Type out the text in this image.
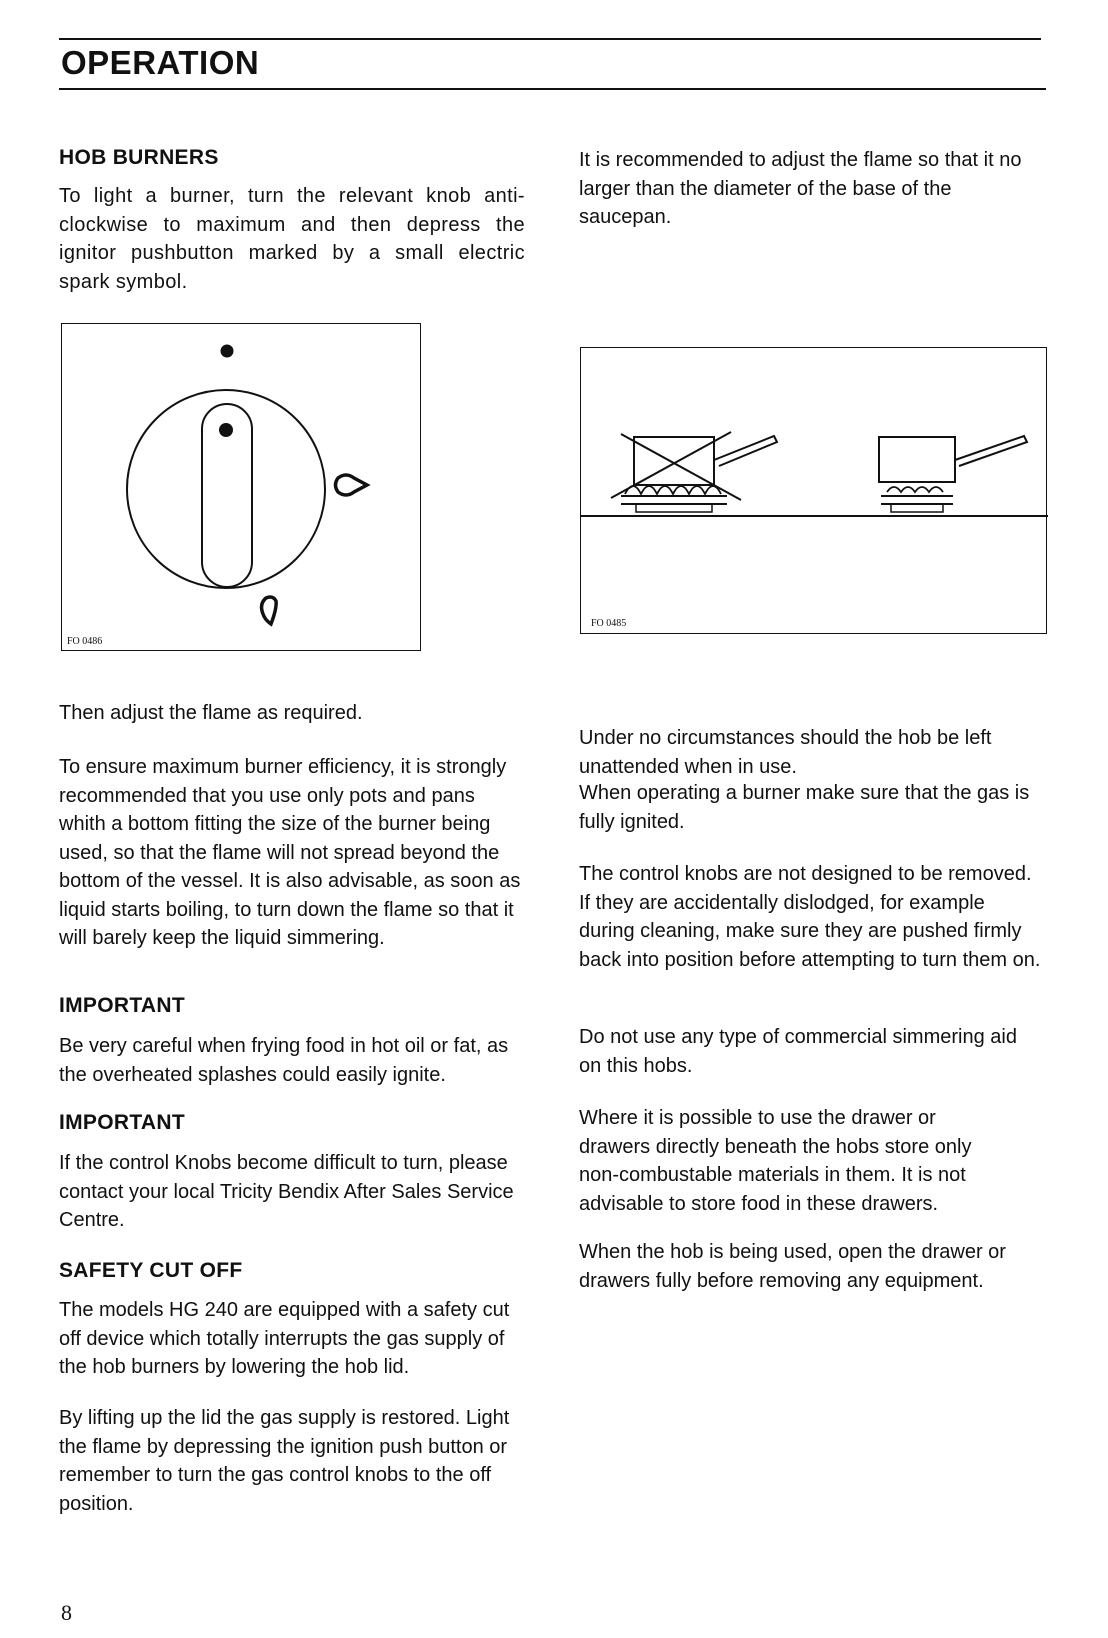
OPERATION
HOB BURNERS

To light a burner, turn the relevant knob anti-clockwise to maximum and then depress the ignitor pushbutton marked by a small electric spark symbol.

FO 0486

Then adjust the flame as required.

To ensure maximum burner efficiency, it is strongly recommended that you use only pots and pans whith a bottom fitting the size of the burner being used, so that the flame will not spread beyond the bottom of the vessel. It is also advisable, as soon as liquid starts boiling, to turn down the flame so that it will barely keep the liquid simmering.

IMPORTANT

Be very careful when frying food in hot oil or fat, as the overheated splashes could easily ignite.

IMPORTANT

If the control Knobs become difficult to turn, please contact your local Tricity Bendix After Sales Service Centre.

SAFETY CUT OFF

The models HG 240 are equipped with a safety cut off device which totally interrupts the gas supply of the hob burners by lowering the hob lid.

By lifting up the lid the gas supply is restored. Light the flame by depressing the ignition push button or remember to turn the gas control knobs to the off position.

8

It is recommended to adjust the flame so that it no larger than the diameter of the base of the saucepan.

FO 0485

Under no circumstances should the hob be left unattended when in use.

When operating a burner make sure that the gas is fully ignited.

The control knobs are not designed to be removed. If they are accidentally dislodged, for example during cleaning, make sure they are pushed firmly back into position before attempting to turn them on.

Do not use any type of commercial simmering aid on this hobs.

Where it is possible to use the drawer or drawers directly beneath the hobs store only non-combustable materials in them. It is not advisable to store food in these drawers.

When the hob is being used, open the drawer or drawers fully before removing any equipment.
